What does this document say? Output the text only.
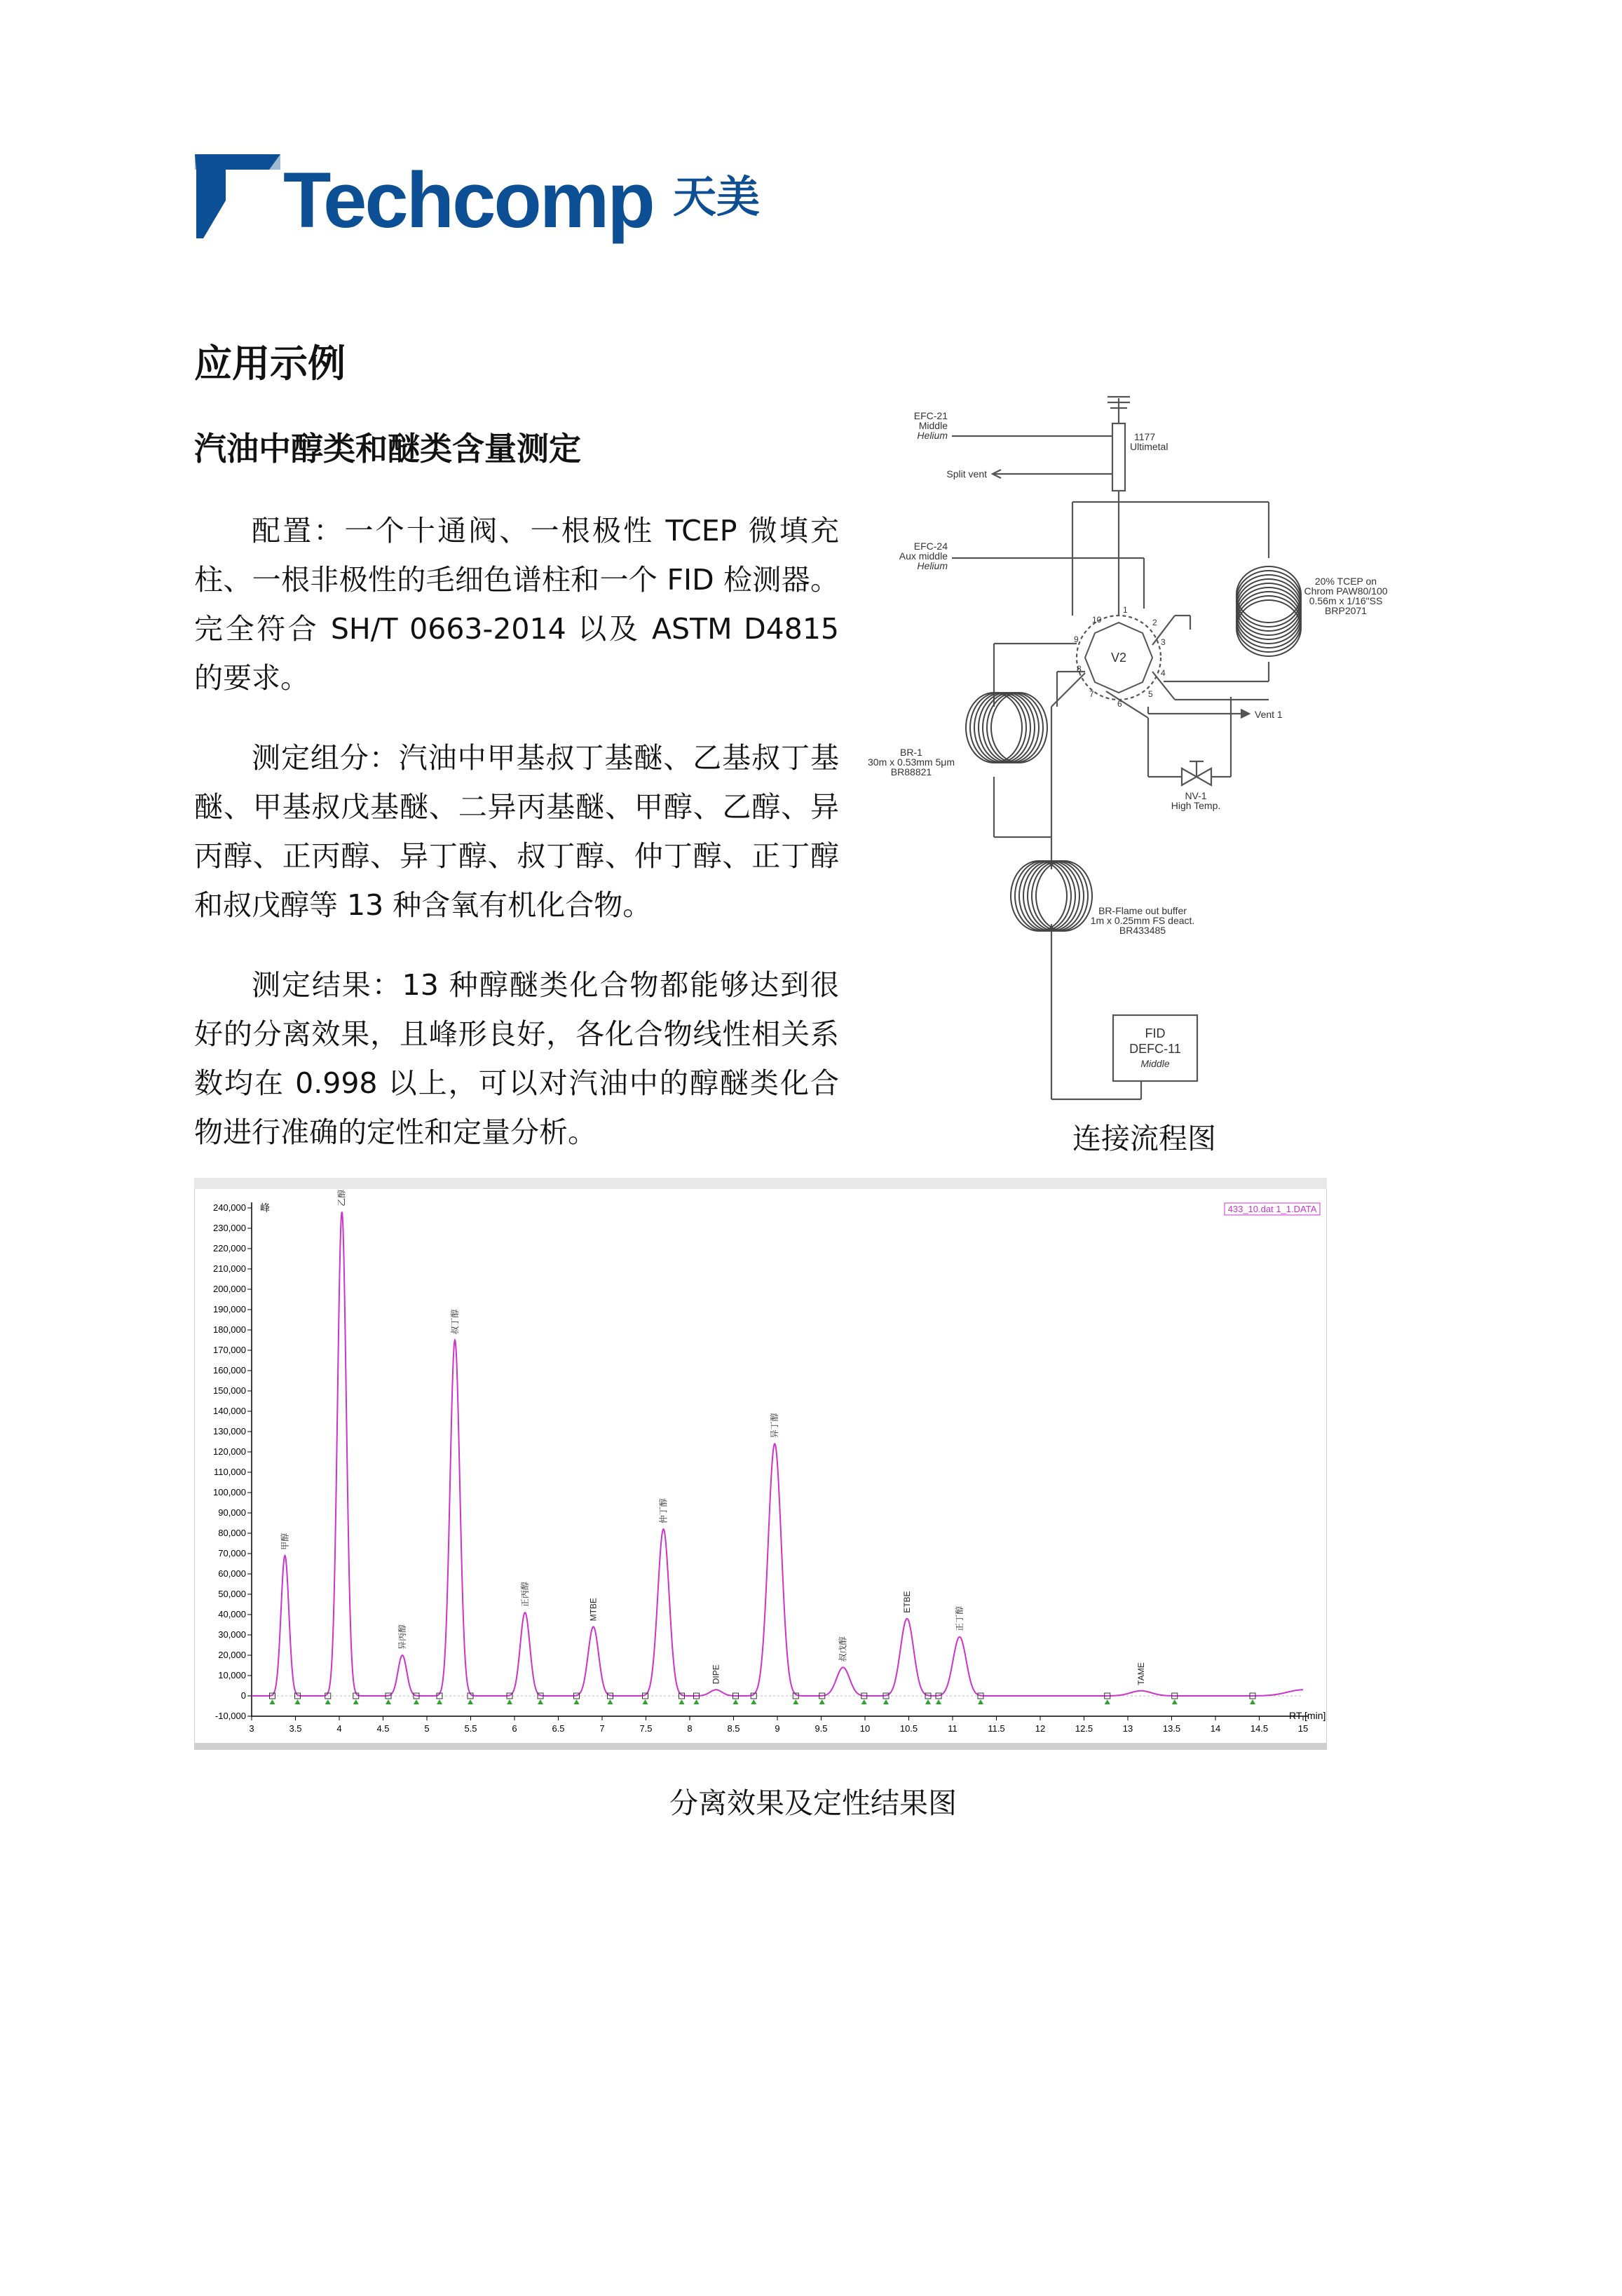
Techcomp 天美
应用示例
汽油中醇类和醚类含量测定

配置：一个十通阀、一根极性 TCEP 微填充柱、一根非极性的毛细色谱柱和一个 FID 检测器。完全符合 SH/T 0663-2014 以及 ASTM D4815 的要求。

测定组分：汽油中甲基叔丁基醚、乙基叔丁基醚、甲基叔戊基醚、二异丙基醚、甲醇、乙醇、异丙醇、正丙醇、异丁醇、叔丁醇、仲丁醇、正丁醇和叔戊醇等 13 种含氧有机化合物。

测定结果：13 种醇醚类化合物都能够达到很好的分离效果，且峰形良好，各化合物线性相关系数均在 0.998 以上，可以对汽油中的醇醚类化合物进行准确的定性和定量分析。

EFC-21
Middle
Helium	1177
Ultimetal
Split vent
EFC-24
Aux middle
Helium
20% TCEP on
Chrom PAW80/100
0.56m x 1/16"SS
BRP2071
V2
Vent 1
BR-1
30m x 0.53mm 5μm
BR88821
NV-1
High Temp.
BR-Flame out buffer
1m x 0.25mm FS deact.
BR433485
FID
DEFC-11
Middle
1
2
3
4
5
6
7
8
9
10
连接流程图
433_10.dat 1_1.DATA
峰
RT [min]
240,000
230,000
220,000
210,000
200,000
190,000
180,000
170,000
160,000
150,000
140,000
130,000
120,000
110,000
100,000
90,000
80,000
70,000
60,000
50,000
40,000
30,000
20,000
10,000
0
-10,000
3	3.5	4	4.5	5	5.5	6	6.5	7	7.5	8	8.5	9	9.5	10	10.5	11	11.5	12	12.5	13	13.5	14	14.5	15
甲醇
乙醇
异丙醇
叔丁醇
正丙醇
MTBE
仲丁醇
DIPE
异丁醇
叔戊醇
ETBE
正丁醇
TAME
分离效果及定性结果图
